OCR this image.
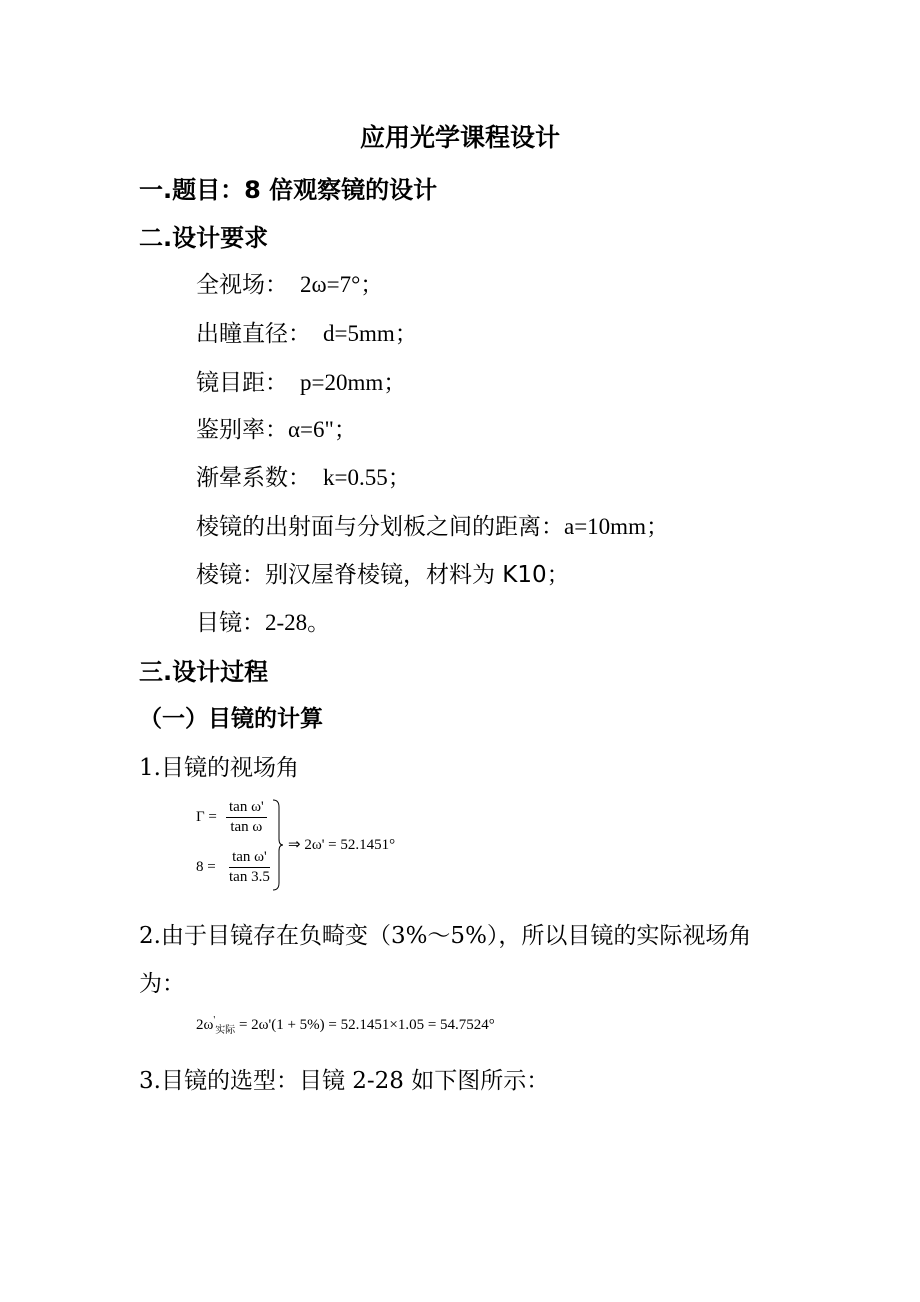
应用光学课程设计
一.题目：8 倍观察镜的设计
二.设计要求
全视场： 2ω=7°；
出瞳直径： d=5mm；
镜目距： p=20mm；
鉴别率：α=6"；
渐晕系数： k=0.55；
棱镜的出射面与分划板之间的距离：a=10mm；
棱镜：别汉屋脊棱镜，材料为 K10；
目镜：2-28。
三.设计过程
（一）目镜的计算
1.目镜的视场角
$\Gamma = \frac{\text{tan ω'}}{\text{tan ω}}$
$8 = \frac{\text{tan ω'}}{\tan 3.5}$
⇒ 2ω' = 52.1451°
2.由于目镜存在负畸变（3%～5%），所以目镜的实际视场角
为：
$2\omega'_{实际} = 2\omega'(1 + 5\%) = 52.1451\times 1.05 = 54.7524^\circ$
3.目镜的选型：目镜 2-28 如下图所示：
